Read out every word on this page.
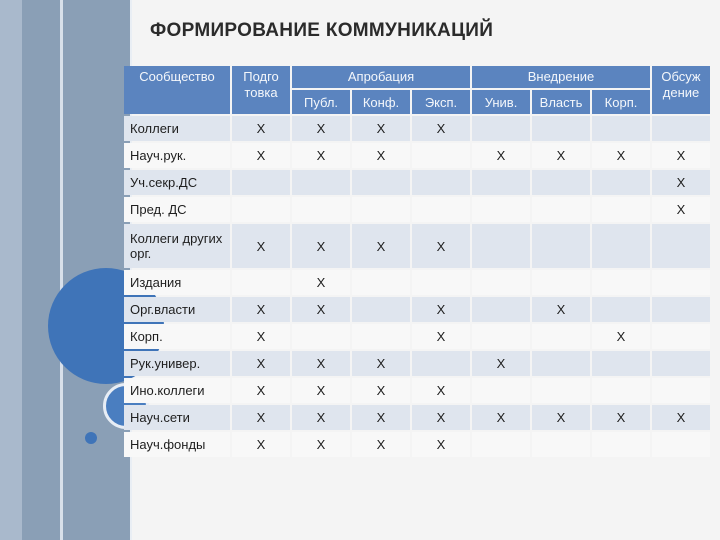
ФОРМИРОВАНИЕ КОММУНИКАЦИЙ
Сообщество	Подго товка	Апробация			Внедрение			Обсуж дение
		Публ.	Конф.	Эксп.	Унив.	Власть	Корп.	
Коллеги	X	X	X	X				
Науч.рук.	X	X	X		X	X	X	X
Уч.секр.ДС								X
Пред. ДС								X
Коллеги других орг.	X	X	X	X				
Издания		X						
Орг.власти	X	X		X		X		
Корп.	X			X			X	
Рук.универ.	X	X	X		X			
Ино.коллеги	X	X	X	X				
Науч.сети	X	X	X	X	X	X	X	X
Науч.фонды	X	X	X	X				
